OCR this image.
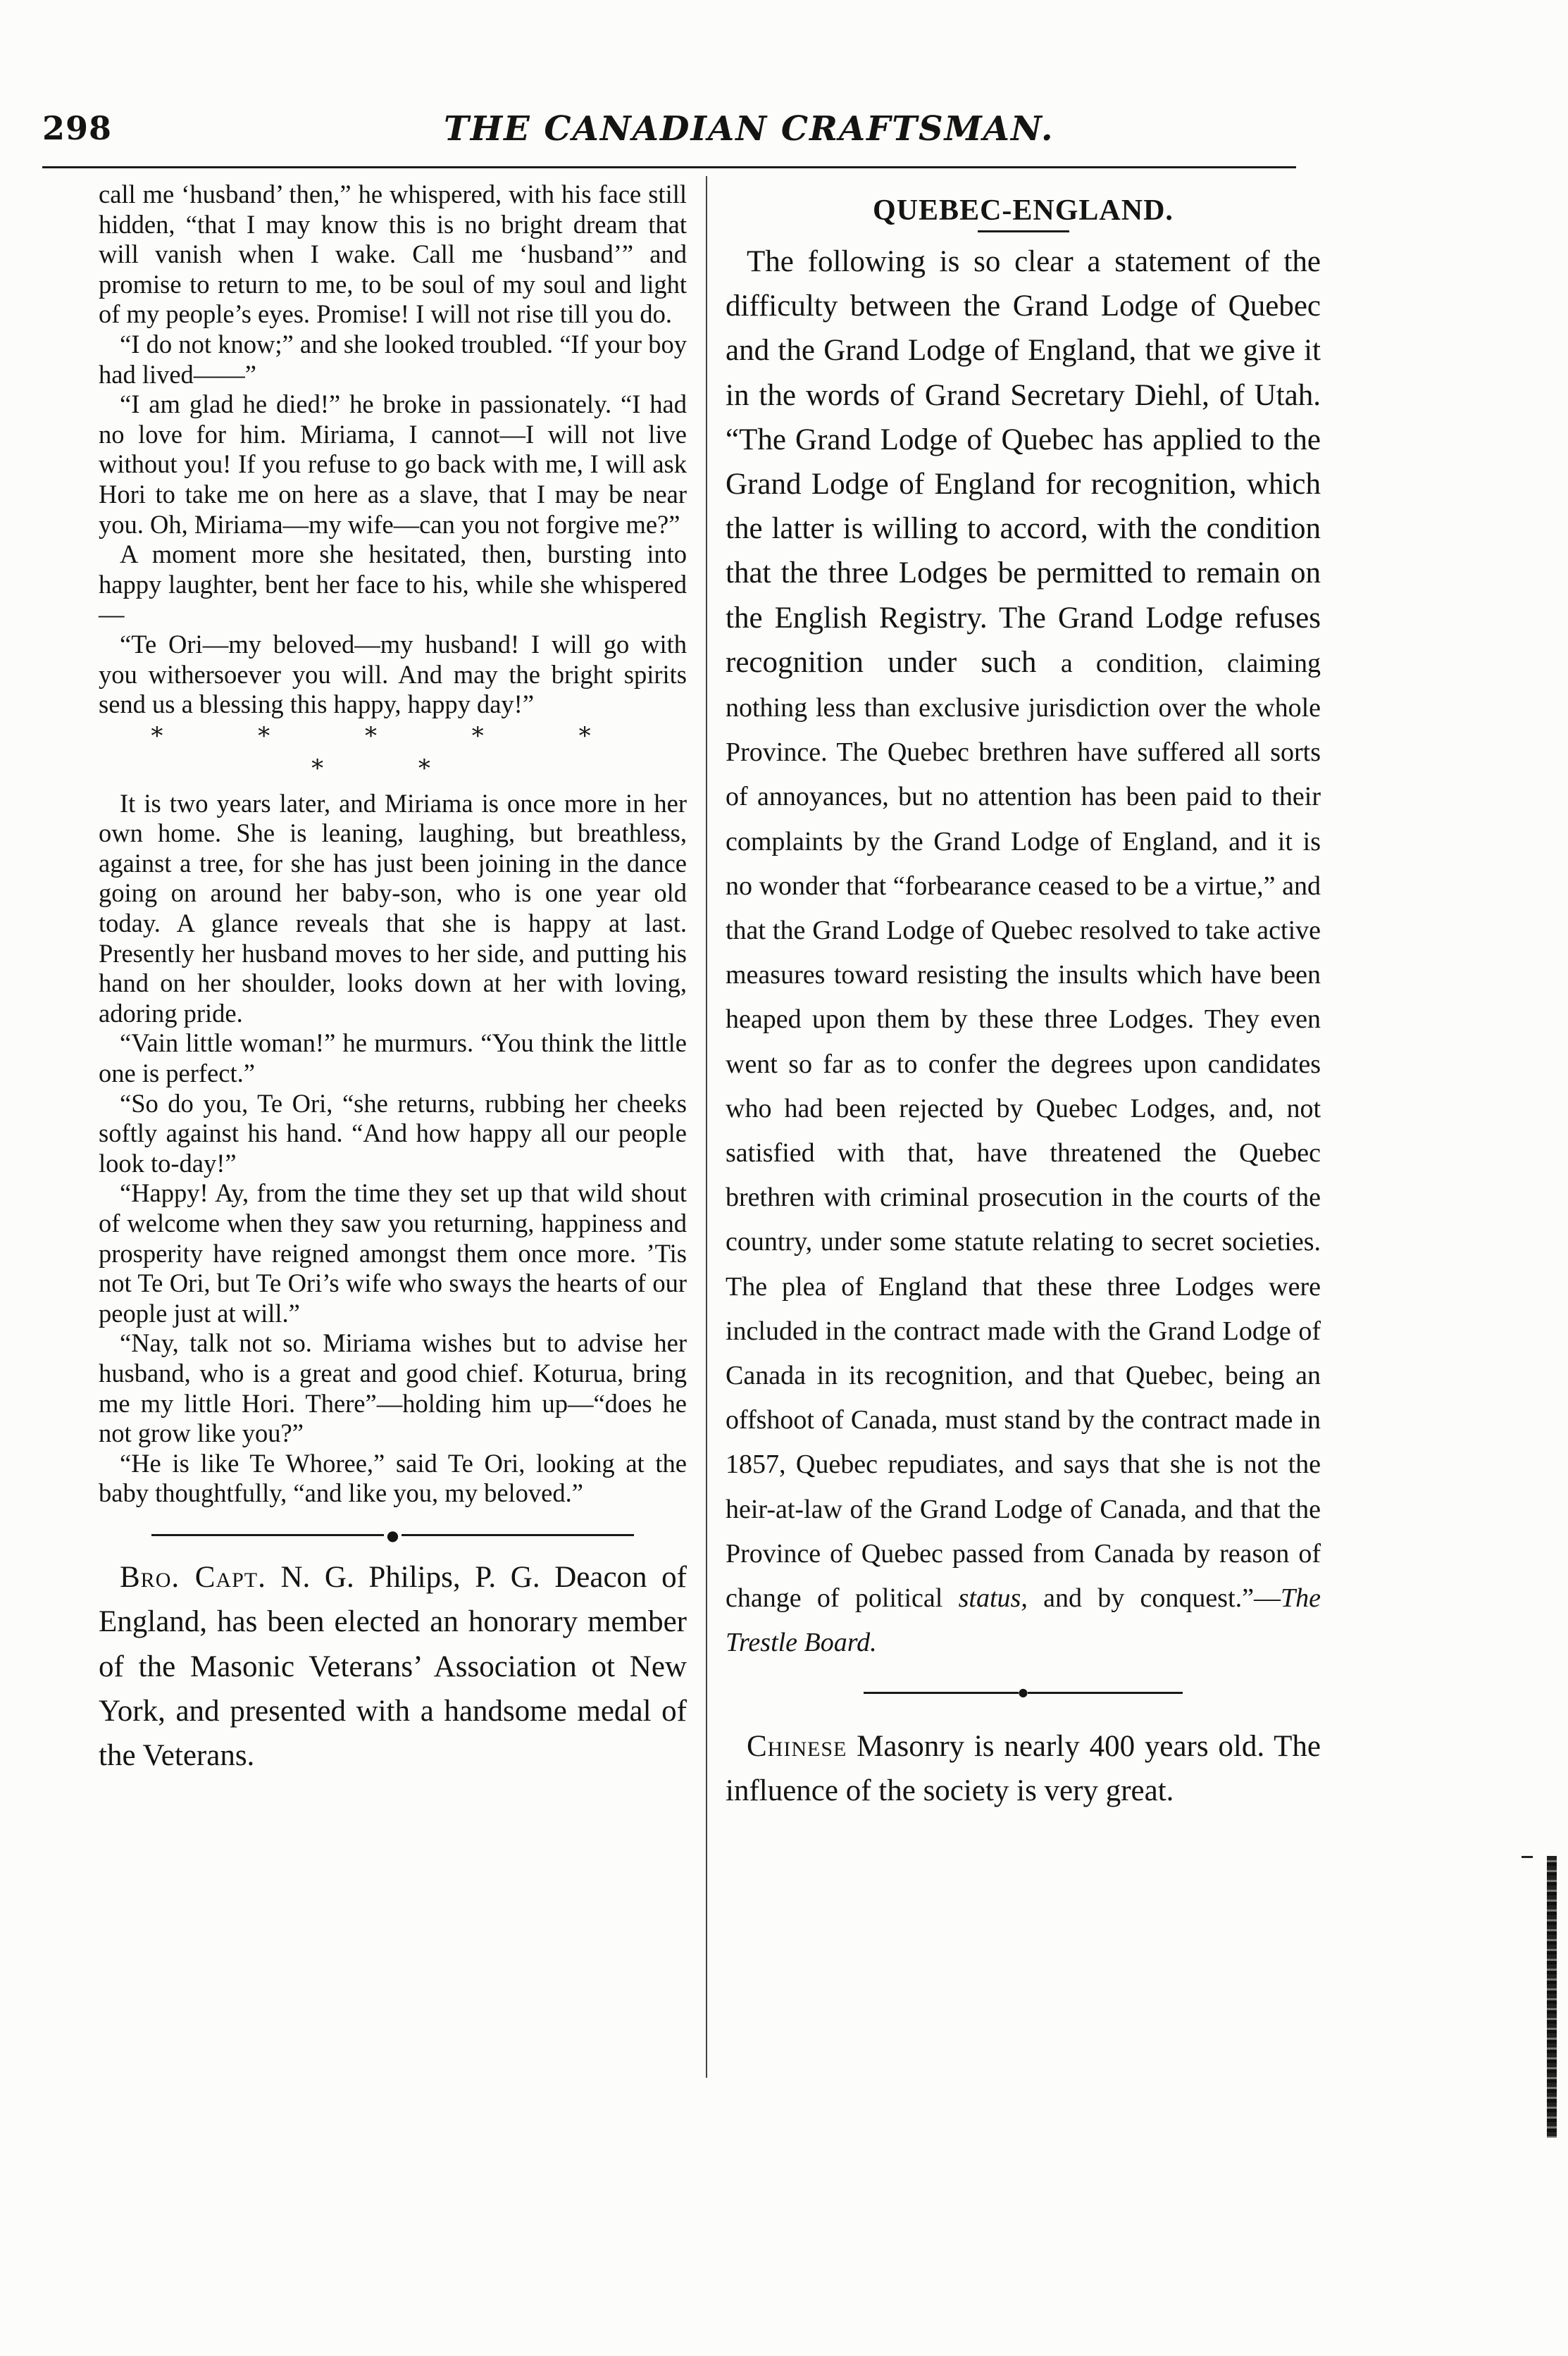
298	THE CANADIAN CRAFTSMAN.

call me ‘husband’ then,” he whispered, with his face still hidden, “that I may know this is no bright dream that will vanish when I wake. Call me ‘husband’” and promise to return to me, to be soul of my soul and light of my people’s eyes. Promise! I will not rise till you do.

“I do not know;” and she looked troubled. “If your boy had lived——”

“I am glad he died!” he broke in passionately. “I had no love for him. Miriama, I cannot—I will not live without you! If you refuse to go back with me, I will ask Hori to take me on here as a slave, that I may be near you. Oh, Miriama—my wife—can you not forgive me?”

A moment more she hesitated, then, bursting into happy laughter, bent her face to his, while she whispered—

“Te Ori—my beloved—my husband! I will go with you withersoever you will. And may the bright spirits send us a blessing this happy, happy day!”

* * * * * * *

It is two years later, and Miriama is once more in her own home. She is leaning, laughing, but breathless, against a tree, for she has just been joining in the dance going on around her baby-son, who is one year old today. A glance reveals that she is happy at last. Presently her husband moves to her side, and putting his hand on her shoulder, looks down at her with loving, adoring pride.

“Vain little woman!” he murmurs. “You think the little one is perfect.”

“So do you, Te Ori, “she returns, rubbing her cheeks softly against his hand. “And how happy all our people look to-day!”

“Happy! Ay, from the time they set up that wild shout of welcome when they saw you returning, happiness and prosperity have reigned amongst them once more. ’Tis not Te Ori, but Te Ori’s wife who sways the hearts of our people just at will.”

“Nay, talk not so. Miriama wishes but to advise her husband, who is a great and good chief. Koturua, bring me my little Hori. There”—holding him up—“does he not grow like you?”

“He is like Te Whoree,” said Te Ori, looking at the baby thoughtfully, “and like you, my beloved.”

●

Bro. Capt. N. G. Philips, P. G. Deacon of England, has been elected an honorary member of the Masonic Veterans’ Association ot New York, and presented with a handsome medal of the Veterans.

QUEBEC-ENGLAND.

The following is so clear a statement of the difficulty between the Grand Lodge of Quebec and the Grand Lodge of England, that we give it in the words of Grand Secretary Diehl, of Utah. “The Grand Lodge of Quebec has applied to the Grand Lodge of England for recognition, which the latter is willing to accord, with the condition that the three Lodges be permitted to remain on the English Registry. The Grand Lodge refuses recognition under such a condition, claiming nothing less than exclusive jurisdiction over the whole Province. The Quebec brethren have suffered all sorts of annoyances, but no attention has been paid to their complaints by the Grand Lodge of England, and it is no wonder that “forbearance ceased to be a virtue,” and that the Grand Lodge of Quebec resolved to take active measures toward resisting the insults which have been heaped upon them by these three Lodges. They even went so far as to confer the degrees upon candidates who had been rejected by Quebec Lodges, and, not satisfied with that, have threatened the Quebec brethren with criminal prosecution in the courts of the country, under some statute relating to secret societies. The plea of England that these three Lodges were included in the contract made with the Grand Lodge of Canada in its recognition, and that Quebec, being an offshoot of Canada, must stand by the contract made in 1857, Quebec repudiates, and says that she is not the heir-at-law of the Grand Lodge of Canada, and that the Province of Quebec passed from Canada by reason of change of political status, and by conquest.”—The Trestle Board.

●

Chinese Masonry is nearly 400 years old. The influence of the society is very great.
